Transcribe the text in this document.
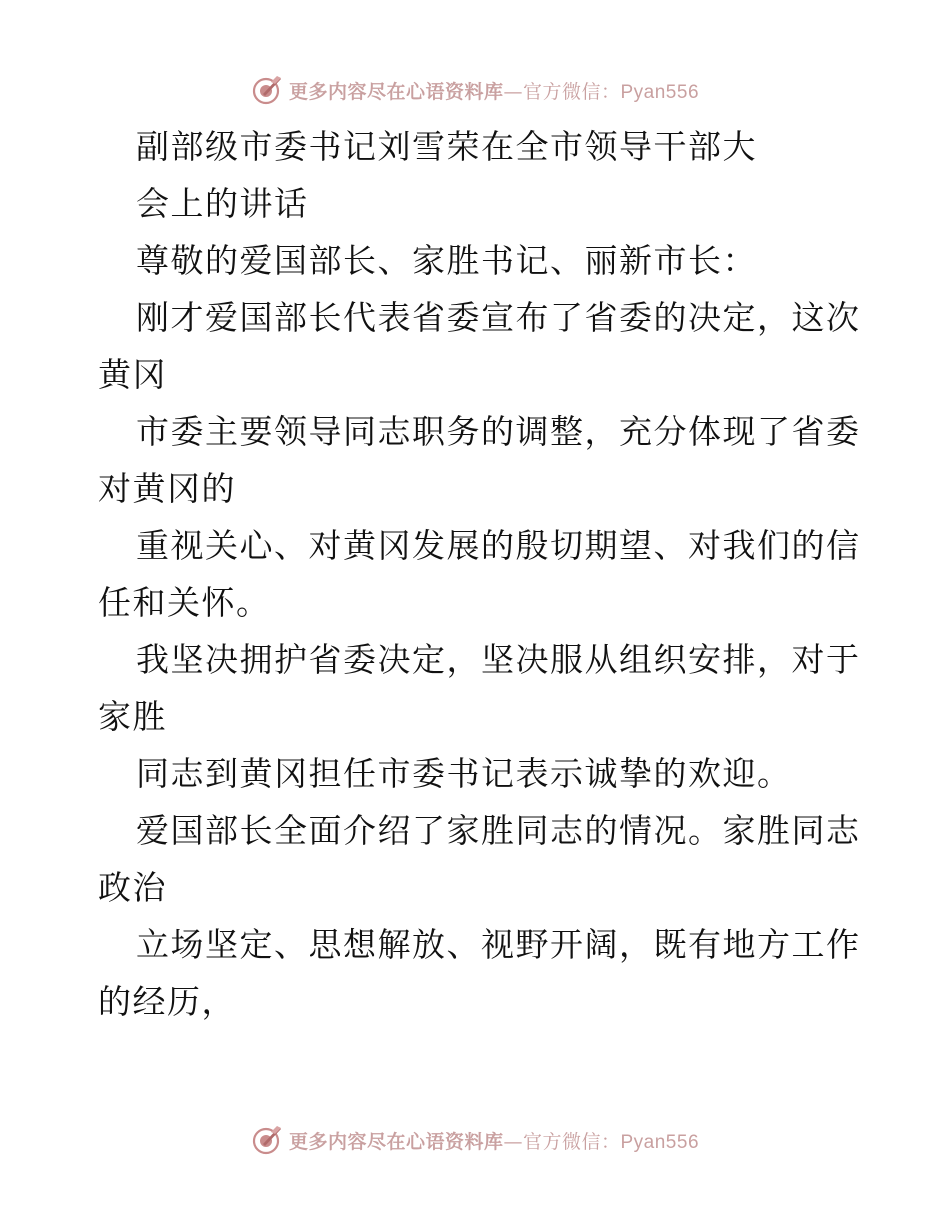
更多内容尽在心语资料库—官方微信：Pyan556
副部级市委书记刘雪荣在全市领导干部大
会上的讲话
尊敬的爱国部长、家胜书记、丽新市长：
刚才爱国部长代表省委宣布了省委的决定，这次
黄冈
市委主要领导同志职务的调整，充分体现了省委
对黄冈的
重视关心、对黄冈发展的殷切期望、对我们的信
任和关怀。
我坚决拥护省委决定，坚决服从组织安排，对于
家胜
同志到黄冈担任市委书记表示诚挚的欢迎。
爱国部长全面介绍了家胜同志的情况。家胜同志
政治
立场坚定、思想解放、视野开阔，既有地方工作
的经历，
更多内容尽在心语资料库—官方微信：Pyan556
